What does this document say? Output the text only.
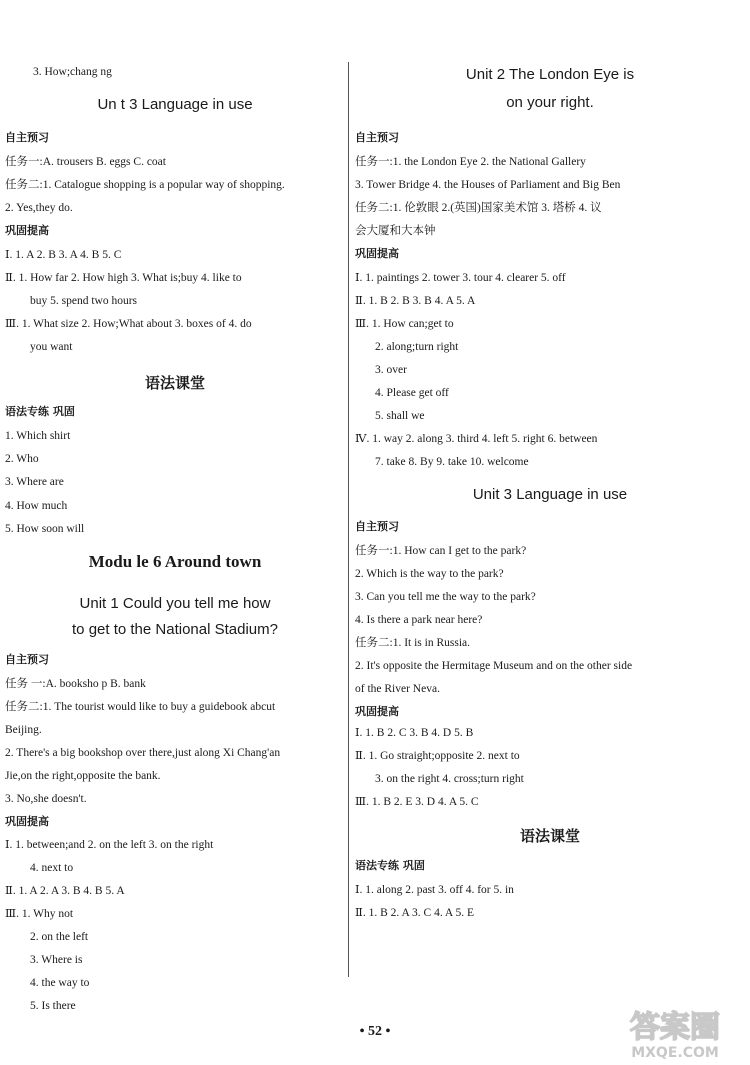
3. How;chang ng
Un t 3 Language in use
自主预习
任务一:A. trousers B. eggs C. coat
任务二:1. Catalogue shopping is a popular way of shopping.
2. Yes,they do.
巩固提高
Ⅰ. 1. A 2. B 3. A 4. B 5. C
Ⅱ. 1. How far 2. How high 3. What is;buy 4. like to
buy 5. spend two hours
Ⅲ. 1. What size 2. How;What about 3. boxes of 4. do
you want
语法课堂
语法专练 巩固
1. Which shirt
2. Who
3. Where are
4. How much
5. How soon will
Modu le 6 Around town
Unit 1 Could you tell me how
to get to the National Stadium?
自主预习
任务 一:A. booksho p B. bank
任务二:1. The tourist would like to buy a guidebook abcut
Beijing.
2. There's a big bookshop over there,just along Xi Chang'an
Jie,on the right,opposite the bank.
3. No,she doesn't.
巩固提高
Ⅰ. 1. between;and 2. on the left 3. on the right
4. next to
Ⅱ. 1. A 2. A 3. B 4. B 5. A
Ⅲ. 1. Why not
2. on the left
3. Where is
4. the way to
5. Is there
Unit 2 The London Eye is
on your right.
自主预习
任务一:1. the London Eye 2. the National Gallery
3. Tower Bridge 4. the Houses of Parliament and Big Ben
任务二:1. 伦敦眼 2.(英国)国家美术馆 3. 塔桥 4. 议
会大厦和大本钟
巩固提高
Ⅰ. 1. paintings 2. tower 3. tour 4. clearer 5. off
Ⅱ. 1. B 2. B 3. B 4. A 5. A
Ⅲ. 1. How can;get to
2. along;turn right
3. over
4. Please get off
5. shall we
Ⅳ. 1. way 2. along 3. third 4. left 5. right 6. between
7. take 8. By 9. take 10. welcome
Unit 3 Language in use
自主预习
任务一:1. How can I get to the park?
2. Which is the way to the park?
3. Can you tell me the way to the park?
4. Is there a park near here?
任务二:1. It is in Russia.
2. It's opposite the Hermitage Museum and on the other side
of the River Neva.
巩固提高
Ⅰ. 1. B 2. C 3. B 4. D 5. B
Ⅱ. 1. Go straight;opposite 2. next to
3. on the right 4. cross;turn right
Ⅲ. 1. B 2. E 3. D 4. A 5. C
语法课堂
语法专练 巩固
Ⅰ. 1. along 2. past 3. off 4. for 5. in
Ⅱ. 1. B 2. A 3. C 4. A 5. E
• 52 •	答案圈
MXQE.COM
